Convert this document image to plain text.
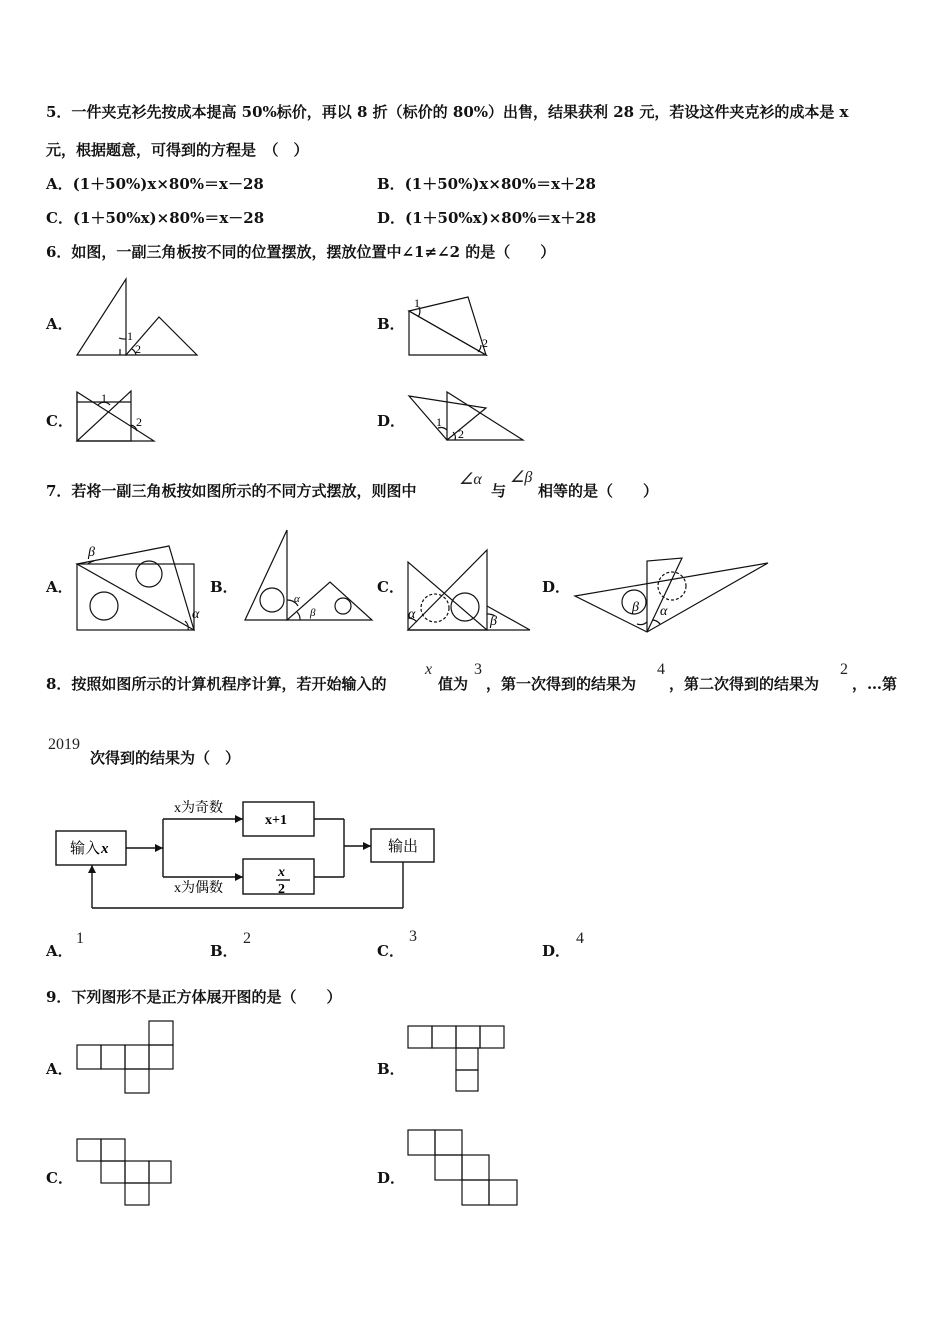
5．一件夹克衫先按成本提高 50%标价，再以 8 折（标价的 80%）出售，结果获利 28 元，若设这件夹克衫的成本是 x
元，根据题意，可得到的方程是　（　）
A．(1＋50%)x×80%＝x－28	B．(1＋50%)x×80%＝x＋28
C．(1＋50%x)×80%＝x－28	D．(1＋50%x)×80%＝x＋28
6．如图，一副三角板按不同的位置摆放，摆放位置中∠1≠∠2 的是（　　）
A．
1
2
B．
1
2
C．
1
2	D．	1
2
7．若将一副三角板按如图所示的不同方式摆放，则图中
∠α
与
∠β
相等的是（　　）
A．
β
α
B．
α
β
C．
α	β
D．
β α
8．按照如图所示的计算机程序计算，若开始输入的
x
值为
3
，第一次得到的结果为
4
，第二次得到的结果为
2
，…第
2019
次得到的结果为（　）
输入 x
x为奇数
x为偶数
x+1
x
2
输出
A．
1
B．
2
C．
3
D．
4
9．下列图形不是正方体展开图的是（　　）
A．	B．
C．	D．
